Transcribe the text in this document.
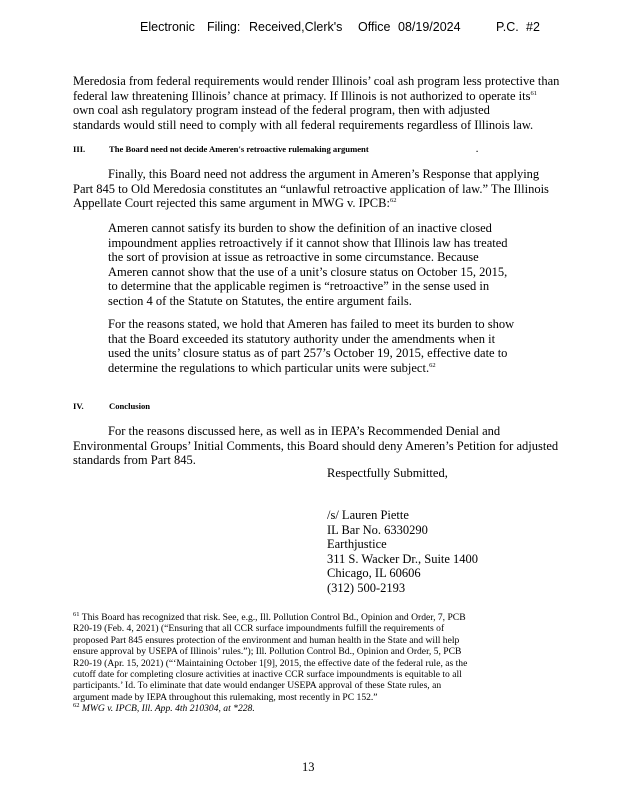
Electronic Filing: Received,Clerk's Office 08/19/2024	P.C. #2
Meredosia from federal requirements would render Illinois’ coal ash program less protective than
federal law threatening Illinois’ chance at primacy. If Illinois is not authorized to operate its$^{61}$
own coal ash regulatory program instead of the federal program, then with adjusted
standards would still need to comply with all federal requirements regardless of Illinois law.
III.	The Board need not decide Ameren's retroactive rulemaking argument	.
Finally, this Board need not address the argument in Ameren’s Response that applying
Part 845 to Old Meredosia constitutes an “unlawful retroactive application of law.” The Illinois
Appellate Court rejected this same argument in MWG v. IPCB:$^{62}$
Ameren cannot satisfy its burden to show the definition of an inactive closed
impoundment applies retroactively if it cannot show that Illinois law has treated
the sort of provision at issue as retroactive in some circumstance. Because
Ameren cannot show that the use of a unit’s closure status on October 15, 2015,
to determine that the applicable regimen is “retroactive” in the sense used in
section 4 of the Statute on Statutes, the entire argument fails.
For the reasons stated, we hold that Ameren has failed to meet its burden to show
that the Board exceeded its statutory authority under the amendments when it
used the units’ closure status as of part 257’s October 19, 2015, effective date to
determine the regulations to which particular units were subject.$^{62}$
IV.	Conclusion
For the reasons discussed here, as well as in IEPA’s Recommended Denial and
Environmental Groups’ Initial Comments, this Board should deny Ameren’s Petition for adjusted
standards from Part 845.
Respectfully Submitted,
/s/ Lauren Piette
IL Bar No. 6330290
Earthjustice
311 S. Wacker Dr., Suite 1400
Chicago, IL 60606
(312) 500-2193
$^{61}$ This Board has recognized that risk. See, e.g., Ill. Pollution Control Bd., Opinion and Order, 7, PCB
R20-19 (Feb. 4, 2021) (“Ensuring that all CCR surface impoundments fulfill the requirements of
proposed Part 845 ensures protection of the environment and human health in the State and will help
ensure approval by USEPA of Illinois’ rules.”); Ill. Pollution Control Bd., Opinion and Order, 5, PCB
R20-19 (Apr. 15, 2021) (“‘Maintaining October 1[9], 2015, the effective date of the federal rule, as the
cutoff date for completing closure activities at inactive CCR surface impoundments is equitable to all
participants.’ Id. To eliminate that date would endanger USEPA approval of these State rules, an
argument made by IEPA throughout this rulemaking, most recently in PC 152.”
$^{62}$ MWG v. IPCB, Ill. App. 4th 210304, at *228.
13
